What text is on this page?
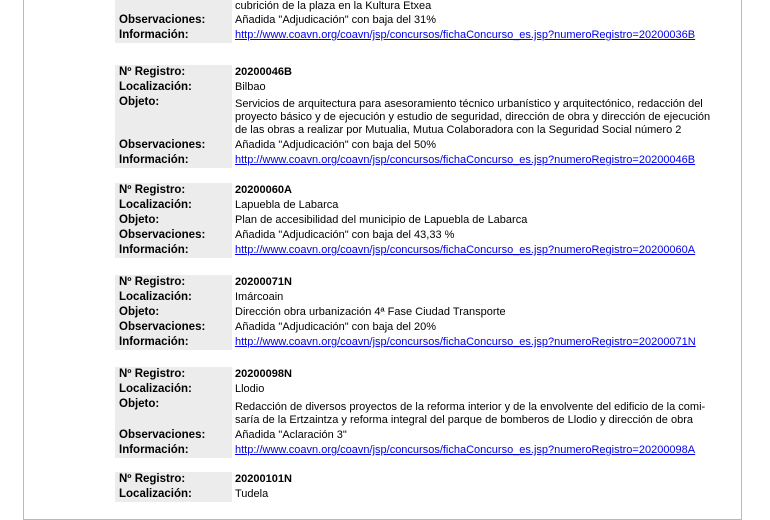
cubrición de la plaza en la Kultura Etxea
Observaciones:	Añadida "Adjudicación" con baja del 31%
Información:	http://www.coavn.org/coavn/jsp/concursos/fichaConcurso_es.jsp?numeroRegistro=20200036B
Nº Registro:	20200046B
Localización:	Bilbao
Objeto:	Servicios de arquitectura para asesoramiento técnico urbanístico y arquitectónico, redacción del proyecto básico y de ejecución y estudio de seguridad, dirección de obra y dirección de ejecución de las obras a realizar por Mutualia, Mutua Colaboradora con la Seguridad Social número 2
Observaciones:	Añadida "Adjudicación" con baja del 50%
Información:	http://www.coavn.org/coavn/jsp/concursos/fichaConcurso_es.jsp?numeroRegistro=20200046B
Nº Registro:	20200060A
Localización:	Lapuebla de Labarca
Objeto:	Plan de accesibilidad del municipio de Lapuebla de Labarca
Observaciones:	Añadida "Adjudicación" con baja del 43,33 %
Información:	http://www.coavn.org/coavn/jsp/concursos/fichaConcurso_es.jsp?numeroRegistro=20200060A
Nº Registro:	20200071N
Localización:	Imárcoain
Objeto:	Dirección obra urbanización 4ª Fase Ciudad Transporte
Observaciones:	Añadida "Adjudicación" con baja del 20%
Información:	http://www.coavn.org/coavn/jsp/concursos/fichaConcurso_es.jsp?numeroRegistro=20200071N
Nº Registro:	20200098N
Localización:	Llodio
Objeto:	Redacción de diversos proyectos de la reforma interior y de la envolvente del edificio de la comi-saría de la Ertzaintza y reforma integral del parque de bomberos de Llodio y dirección de obra
Observaciones:	Añadida "Aclaración 3"
Información:	http://www.coavn.org/coavn/jsp/concursos/fichaConcurso_es.jsp?numeroRegistro=20200098A
Nº Registro:	20200101N
Localización:	Tudela
